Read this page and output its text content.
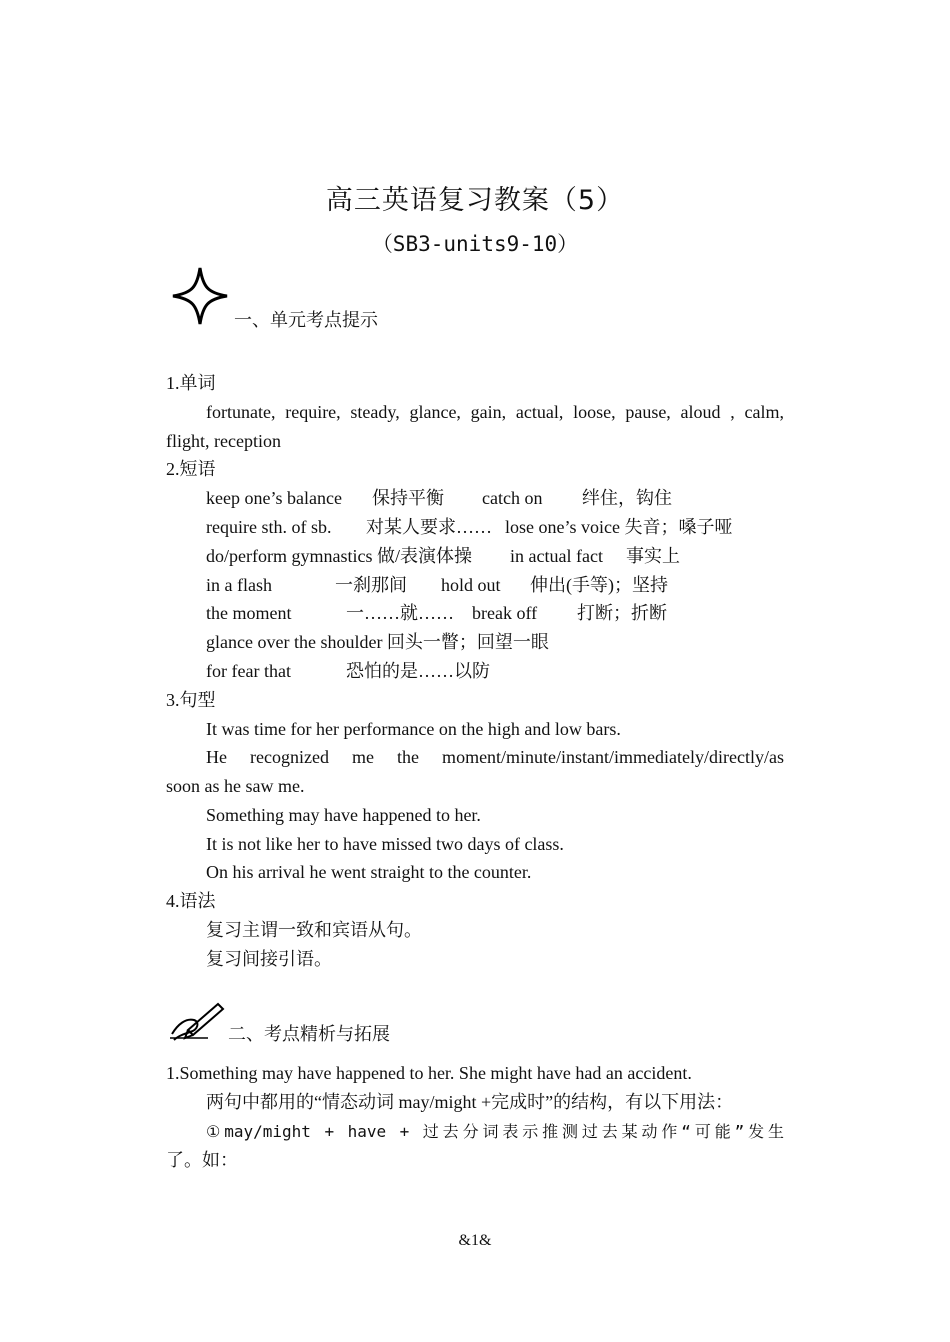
高三英语复习教案（5）
（SB3-units9-10）
一、单元考点提示
1.单词
fortunate, require, steady, glance, gain, actual, loose, pause, aloud , calm,
flight, reception
2.短语
keep one’s balance 保持平衡 catch on 绊住，钩住
require sth. of sb. 对某人要求…… lose one’s voice 失音；嗓子哑
do/perform gymnastics 做/表演体操 in actual fact 事实上
in a flash	一刹那间 hold out 伸出(手等)；坚持
the moment	一……就…… break off 打断；折断
glance over the shoulder 回头一瞥；回望一眼
for fear that	恐怕的是……以防
3.句型
It was time for her performance on the high and low bars.
He recognized me the moment/minute/instant/immediately/directly/as
soon as he saw me.
Something may have happened to her.
It is not like her to have missed two days of class.
On his arrival he went straight to the counter.
4.语法
复习主谓一致和宾语从句。
复习间接引语。
二、考点精析与拓展
1.Something may have happened to her. She might have had an accident.
两句中都用的“情态动词 may/might +完成时”的结构，有以下用法：
①may/might + have + 过去分词表示推测过去某动作“可能”发生
了。如：
&1&
